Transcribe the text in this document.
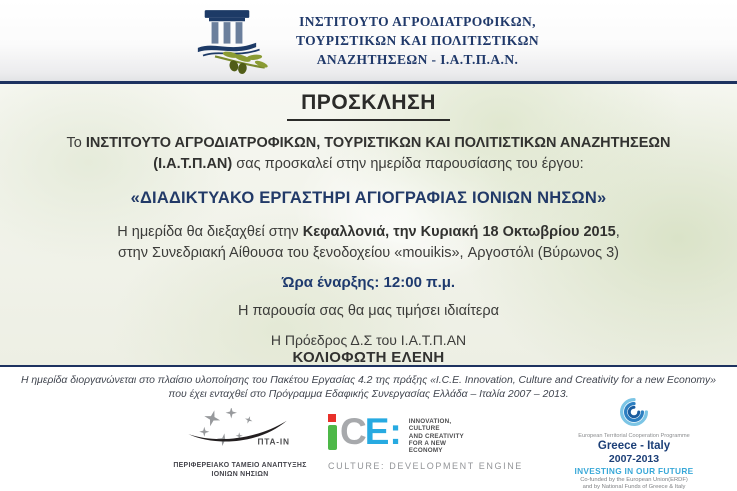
ΙΝΣΤΙΤΟΥΤΟ ΑΓΡΟΔΙΑΤΡΟΦΙΚΩΝ,
ΤΟΥΡΙΣΤΙΚΩΝ ΚΑΙ ΠΟΛΙΤΙΣΤΙΚΩΝ
ΑΝΑΖΗΤΗΣΕΩΝ - Ι.Α.Τ.Π.Α.Ν.
ΠΡΟΣΚΛΗΣΗ

Το ΙΝΣΤΙΤΟΥΤΟ ΑΓΡΟΔΙΑΤΡΟΦΙΚΩΝ, ΤΟΥΡΙΣΤΙΚΩΝ ΚΑΙ ΠΟΛΙΤΙΣΤΙΚΩΝ ΑΝΑΖΗΤΗΣΕΩΝ
(Ι.Α.Τ.Π.ΑΝ) σας προσκαλεί στην ημερίδα παρουσίασης του έργου:

«ΔΙΑΔΙΚΤΥΑΚΟ ΕΡΓΑΣΤΗΡΙ ΑΓΙΟΓΡΑΦΙΑΣ ΙΟΝΙΩΝ ΝΗΣΩΝ»

Η ημερίδα θα διεξαχθεί στην Κεφαλλονιά, την Κυριακή 18 Οκτωβρίου 2015,
στην Συνεδριακή Αίθουσα του ξενοδοχείου «mouikis», Αργοστόλι (Βύρωνος 3)

Ώρα έναρξης: 12:00 π.μ.

Η παρουσία σας θα μας τιμήσει ιδιαίτερα

Η Πρόεδρος Δ.Σ του Ι.Α.Τ.Π.ΑΝ

ΚΟΛΙΟΦΩΤΗ ΕΛΕΝΗ

Η ημερίδα διοργανώνεται στο πλαίσιο υλοποίησης του Πακέτου Εργασίας 4.2 της πράξης «I.C.E. Innovation, Culture and Creativity for a new Economy»
που έχει ενταχθεί στο Πρόγραμμα Εδαφικής Συνεργασίας Ελλάδα – Ιταλία 2007 – 2013.

ΠΤΑ-ΙΝ
ΠΕΡΙΦΕΡΕΙΑΚΟ ΤΑΜΕΙΟ ΑΝΑΠΤΥΞΗΣ
ΙΟΝΙΩΝ ΝΗΣΙΩΝ
C E : INNOVATION,
CULTURE
AND CREATIVITY
FOR A NEW
ECONOMY
CULTURE: DEVELOPMENT ENGINE
European Territorial Cooperation Programme
Greece - Italy
2007-2013
INVESTING IN OUR FUTURE
Co-funded by the European Union(ERDF)
and by National Funds of Greece & Italy
